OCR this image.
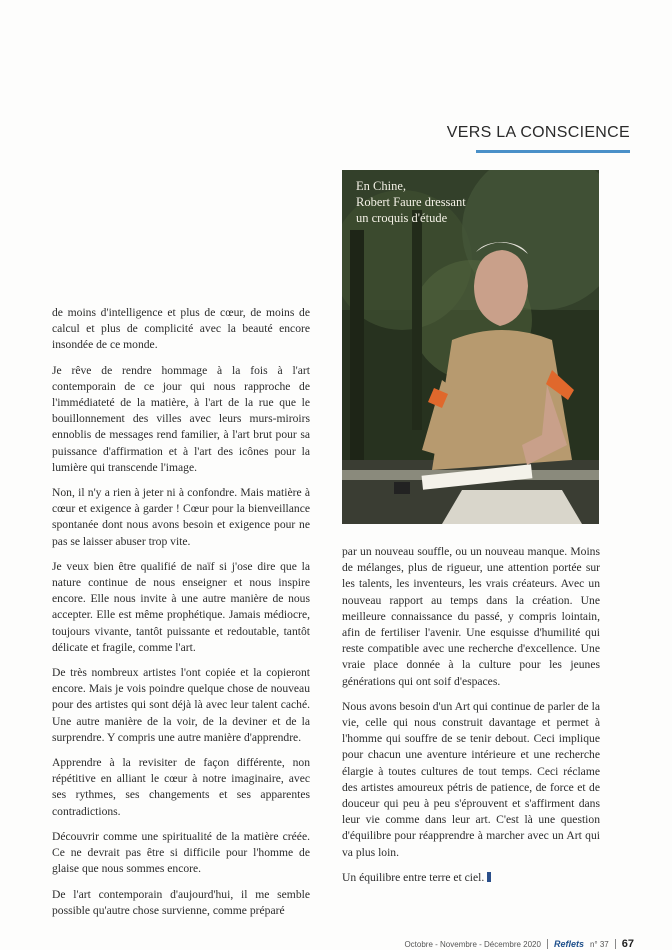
VERS LA CONSCIENCE
En Chine,
Robert Faure dressant
un croquis d'étude

de moins d'intelligence et plus de cœur, de moins de calcul et plus de complicité avec la beauté encore insondée de ce monde.

Je rêve de rendre hommage à la fois à l'art contemporain de ce jour qui nous rapproche de l'immédiateté de la matière, à l'art de la rue que le bouillonnement des villes avec leurs murs-miroirs ennoblis de messages rend familier, à l'art brut pour sa puissance d'affirmation et à l'art des icônes pour la lumière qui transcende l'image.

Non, il n'y a rien à jeter ni à confondre. Mais matière à cœur et exigence à garder ! Cœur pour la bienveillance spontanée dont nous avons besoin et exigence pour ne pas se laisser abuser trop vite.

Je veux bien être qualifié de naïf si j'ose dire que la nature continue de nous enseigner et nous inspire encore. Elle nous invite à une autre manière de nous accepter. Elle est même prophétique. Jamais médiocre, toujours vivante, tantôt puissante et redoutable, tantôt délicate et fragile, comme l'art.

De très nombreux artistes l'ont copiée et la copieront encore. Mais je vois poindre quelque chose de nouveau pour des artistes qui sont déjà là avec leur talent caché. Une autre manière de la voir, de la deviner et de la surprendre. Y compris une autre manière d'apprendre.

Apprendre à la revisiter de façon différente, non répétitive en alliant le cœur à notre imaginaire, avec ses rythmes, ses changements et ses apparentes contradictions.

Découvrir comme une spiritualité de la matière créée. Ce ne devrait pas être si difficile pour l'homme de glaise que nous sommes encore.

De l'art contemporain d'aujourd'hui, il me semble possible qu'autre chose survienne, comme préparé

par un nouveau souffle, ou un nouveau manque. Moins de mélanges, plus de rigueur, une attention portée sur les talents, les inventeurs, les vrais créateurs. Avec un nouveau rapport au temps dans la création. Une meilleure connaissance du passé, y compris lointain, afin de fertiliser l'avenir. Une esquisse d'humilité qui reste compatible avec une recherche d'excellence. Une vraie place donnée à la culture pour les jeunes générations qui ont soif d'espaces.

Nous avons besoin d'un Art qui continue de parler de la vie, celle qui nous construit davantage et permet à l'homme qui souffre de se tenir debout. Ceci implique pour chacun une aventure intérieure et une recherche élargie à toutes cultures de tout temps. Ceci réclame des artistes amoureux pétris de patience, de force et de douceur qui peu à peu s'éprouvent et s'affirment dans leur vie comme dans leur art. C'est là une question d'équilibre pour réapprendre à marcher avec un Art qui va plus loin.

Un équilibre entre terre et ciel.

Octobre - Novembre - Décembre 2020 Reflets n° 37 67
